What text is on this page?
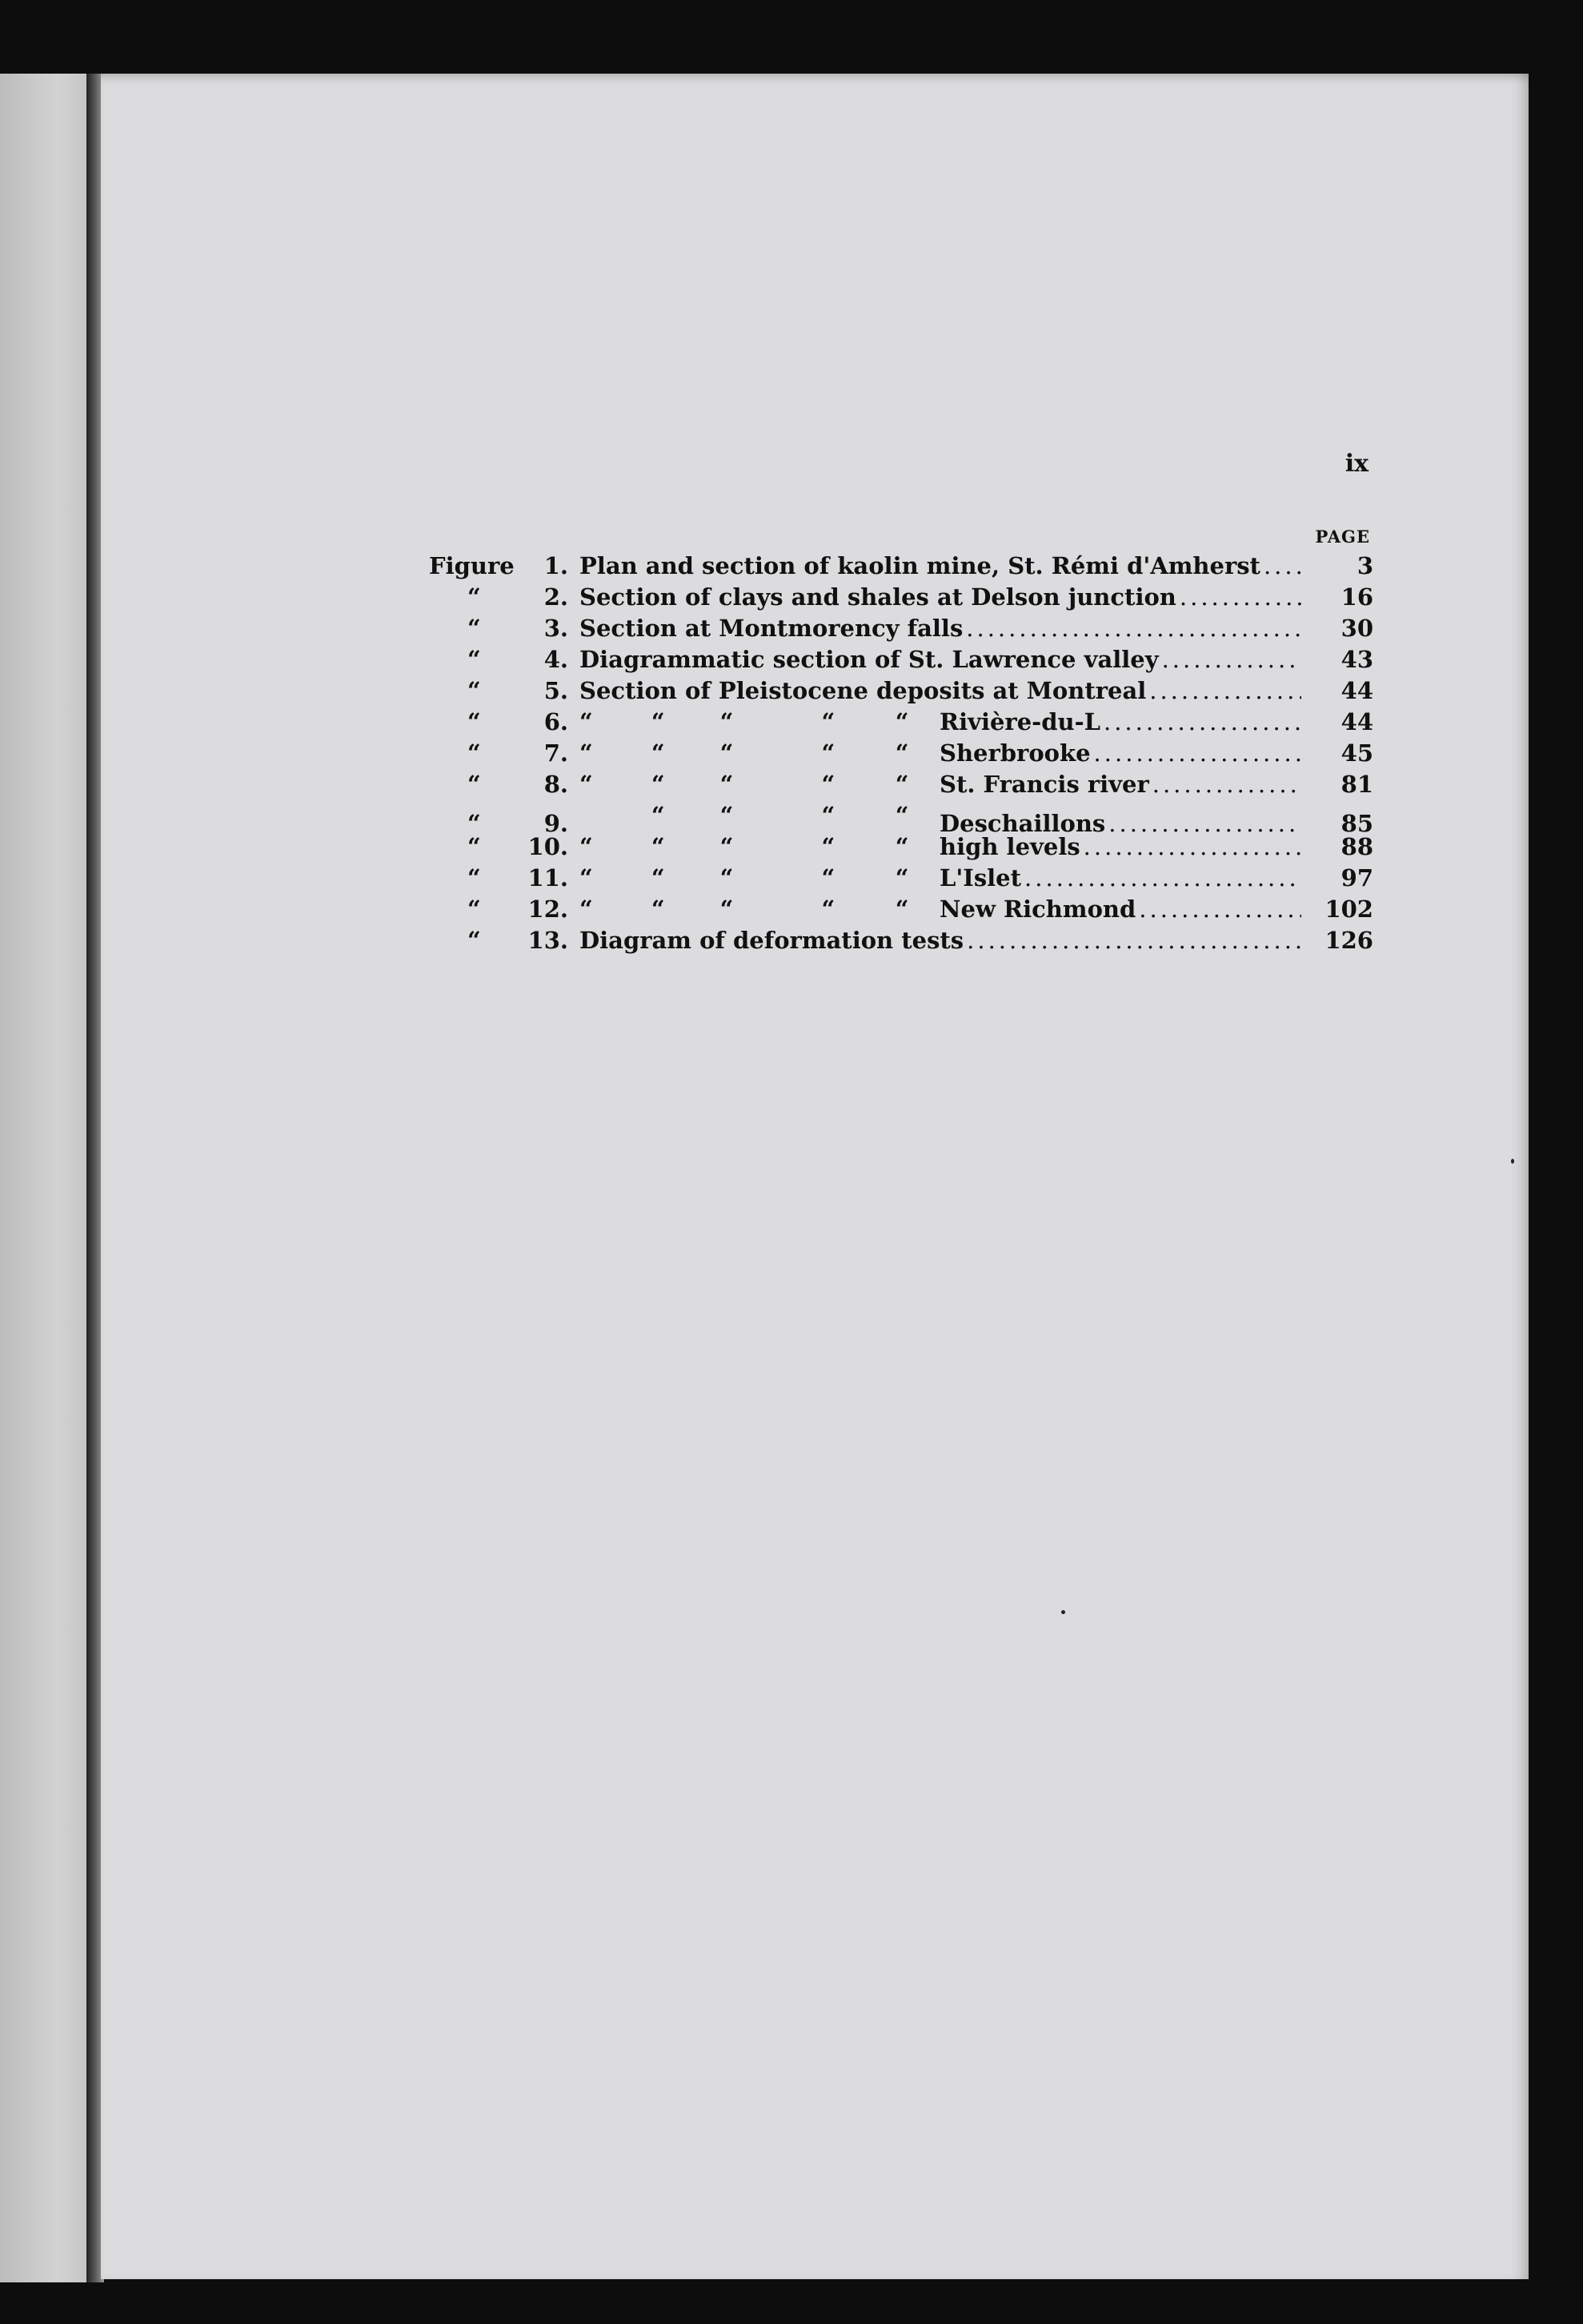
ix
PAGE
Figure	1. Plan and section of kaolin mine, St. Rémi d'Amherst .....	3
“	2. Section of clays and shales at Delson junction .....	16
“	3. Section at Montmorency falls .....	30
“	4. Diagrammatic section of St. Lawrence valley .....	43
“	5. Section of Pleistocene deposits at Montreal .....	44
“	6. “	“	“	“	“	Rivière-du-L .....	44
“	7. “	“	“	“	“	Sherbrooke .....	45
“	8. “	“	“	“	“	St. Francis river .....	81
“	9.	“	“	“	“	Deschaillons .....	85
“	10. “	“	“	“	“	high levels .....	88
“	11. “	“	“	“	“	L'Islet .....	97
“	12. “	“	“	“	“	New Richmond .....	102
“	13. Diagram of deformation tests .....	126
